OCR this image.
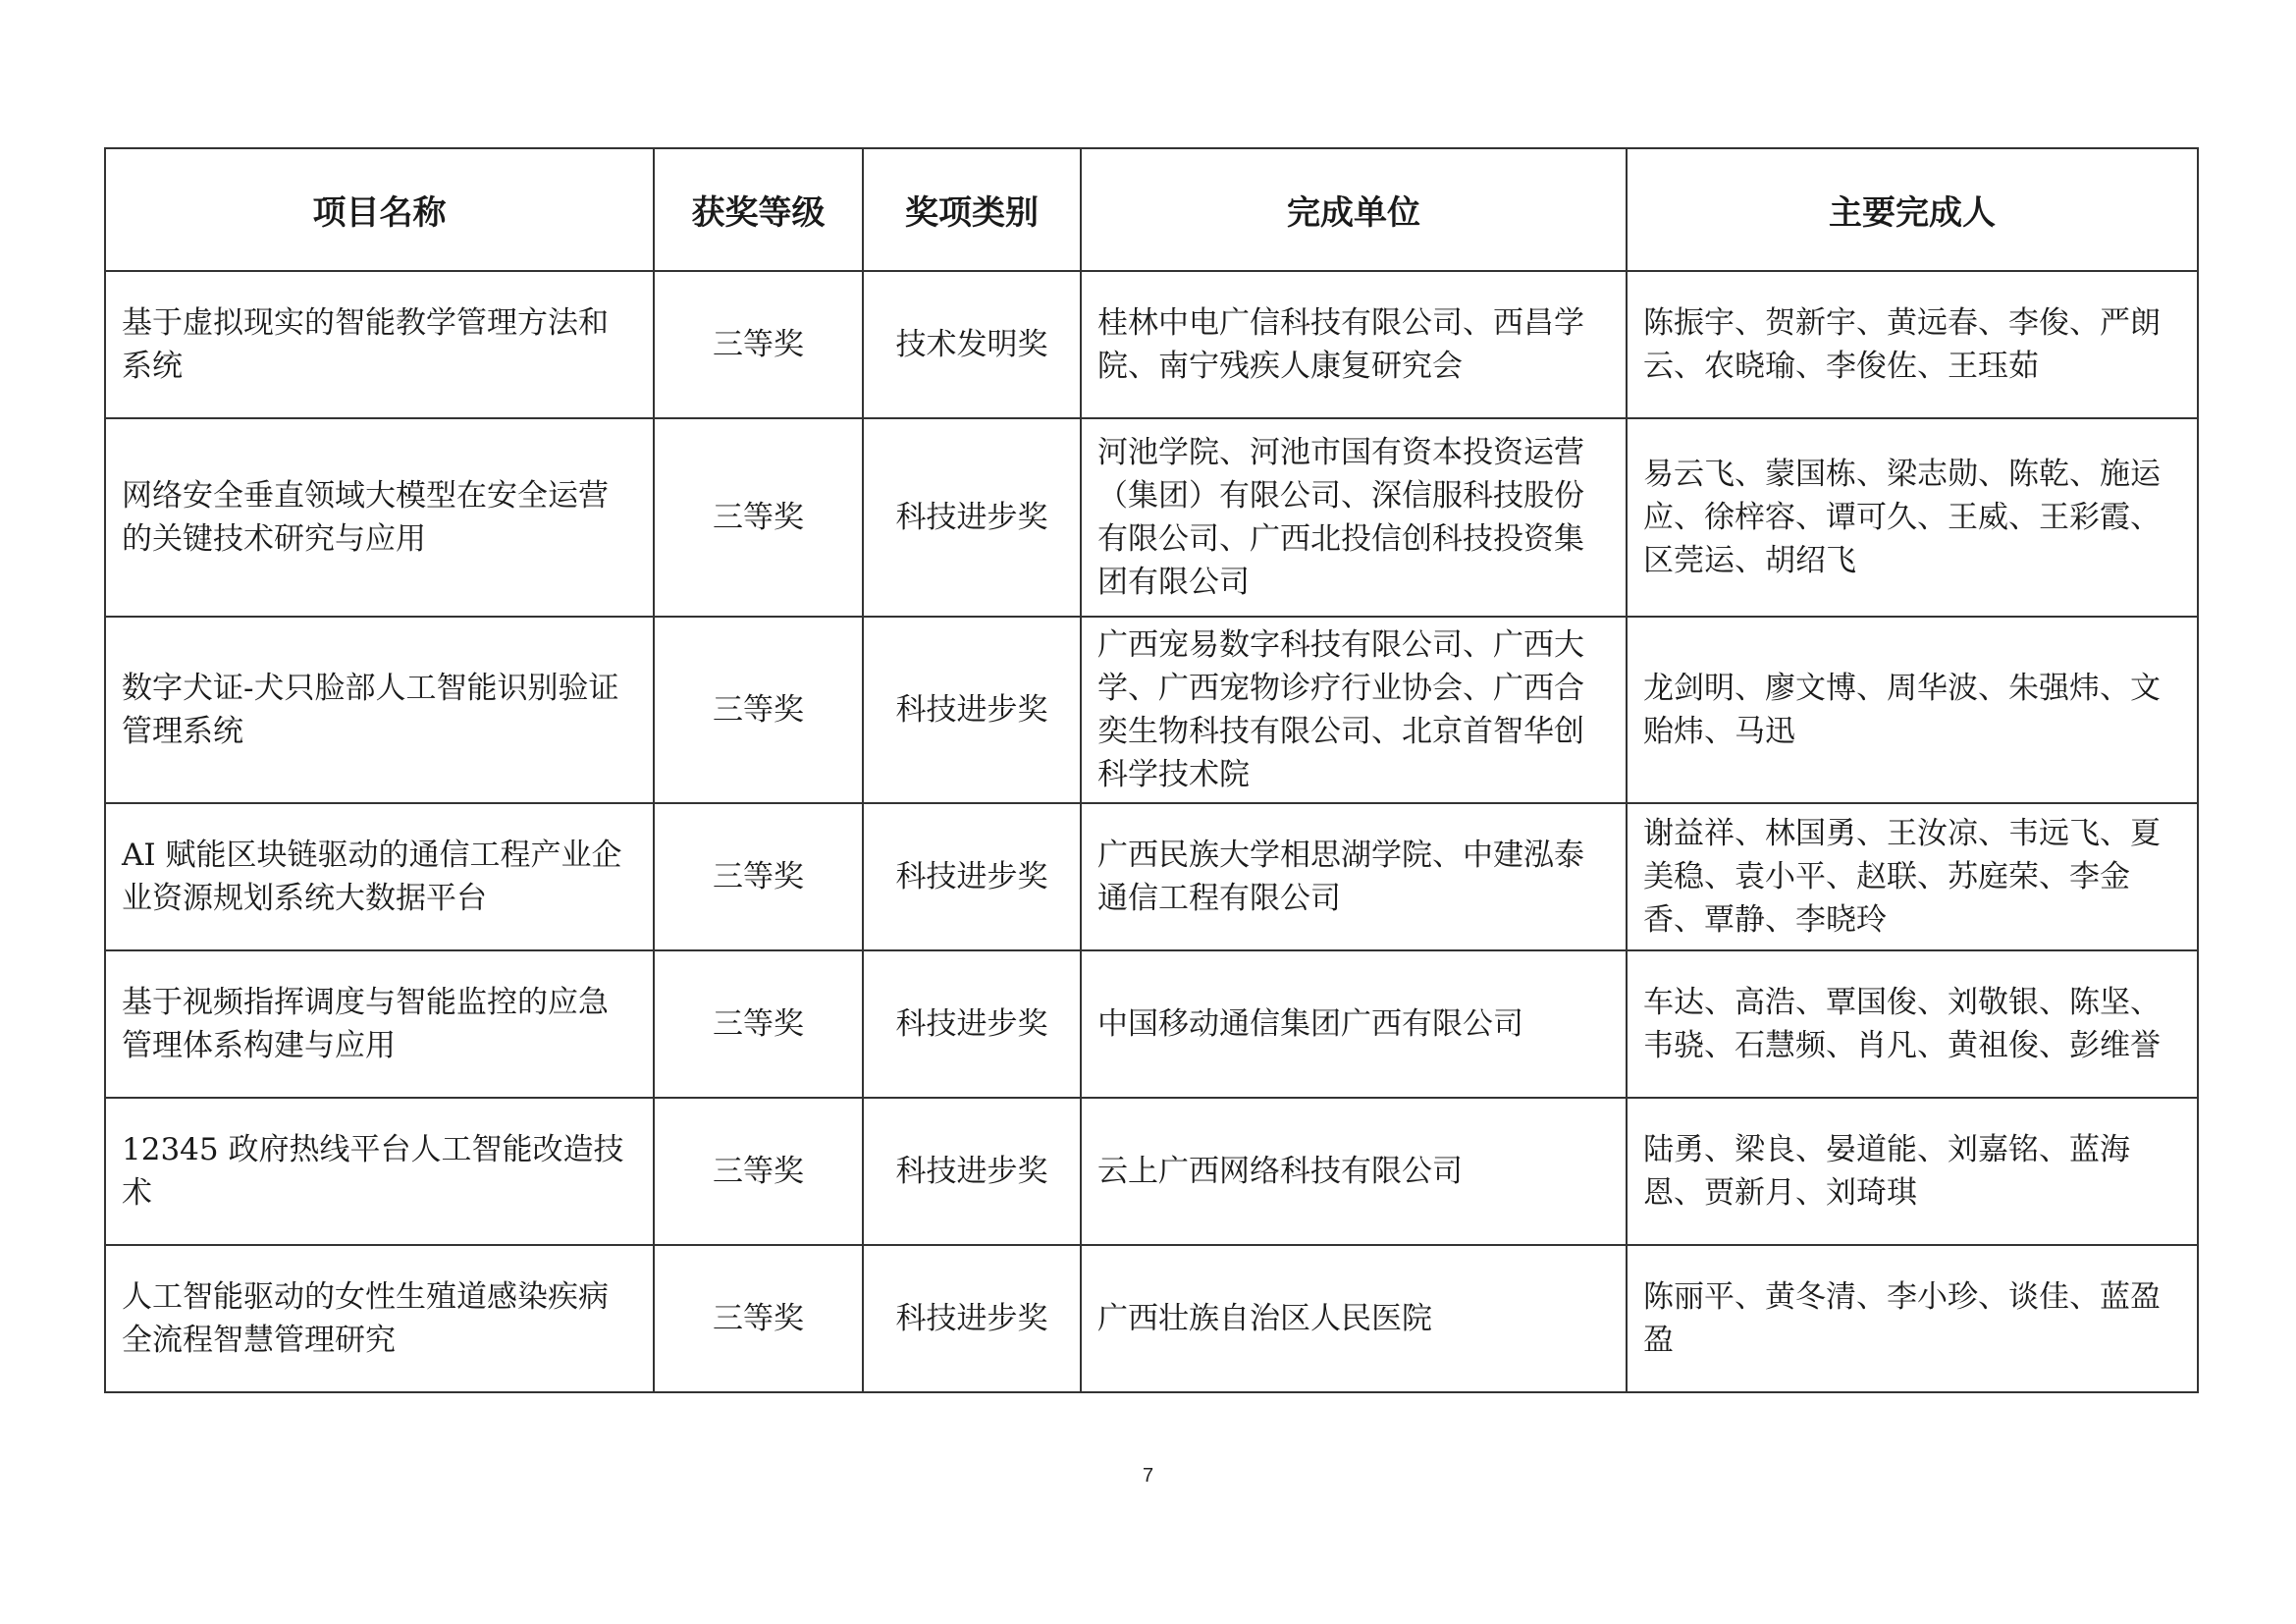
项目名称	获奖等级	奖项类别	完成单位	主要完成人
基于虚拟现实的智能教学管理方法和系统	三等奖	技术发明奖	桂林中电广信科技有限公司、西昌学院、南宁残疾人康复研究会	陈振宇、贺新宇、黄远春、李俊、严朗云、农晓瑜、李俊佐、王珏茹
网络安全垂直领域大模型在安全运营的关键技术研究与应用	三等奖	科技进步奖	河池学院、河池市国有资本投资运营（集团）有限公司、深信服科技股份有限公司、广西北投信创科技投资集团有限公司	易云飞、蒙国栋、梁志勋、陈乾、施运应、徐梓容、谭可久、王威、王彩霞、区莞运、胡绍飞
数字犬证-犬只脸部人工智能识别验证管理系统	三等奖	科技进步奖	广西宠易数字科技有限公司、广西大学、广西宠物诊疗行业协会、广西合奕生物科技有限公司、北京首智华创科学技术院	龙剑明、廖文博、周华波、朱强炜、文贻炜、马迅
AI 赋能区块链驱动的通信工程产业企业资源规划系统大数据平台	三等奖	科技进步奖	广西民族大学相思湖学院、中建泓泰通信工程有限公司	谢益祥、林国勇、王汝凉、韦远飞、夏美稳、袁小平、赵联、苏庭荣、李金香、覃静、李晓玲
基于视频指挥调度与智能监控的应急管理体系构建与应用	三等奖	科技进步奖	中国移动通信集团广西有限公司	车达、高浩、覃国俊、刘敬银、陈坚、韦骁、石慧频、肖凡、黄祖俊、彭维誉
12345 政府热线平台人工智能改造技术	三等奖	科技进步奖	云上广西网络科技有限公司	陆勇、梁良、晏道能、刘嘉铭、蓝海恩、贾新月、刘琦琪
人工智能驱动的女性生殖道感染疾病全流程智慧管理研究	三等奖	科技进步奖	广西壮族自治区人民医院	陈丽平、黄冬清、李小珍、谈佳、蓝盈盈
7
